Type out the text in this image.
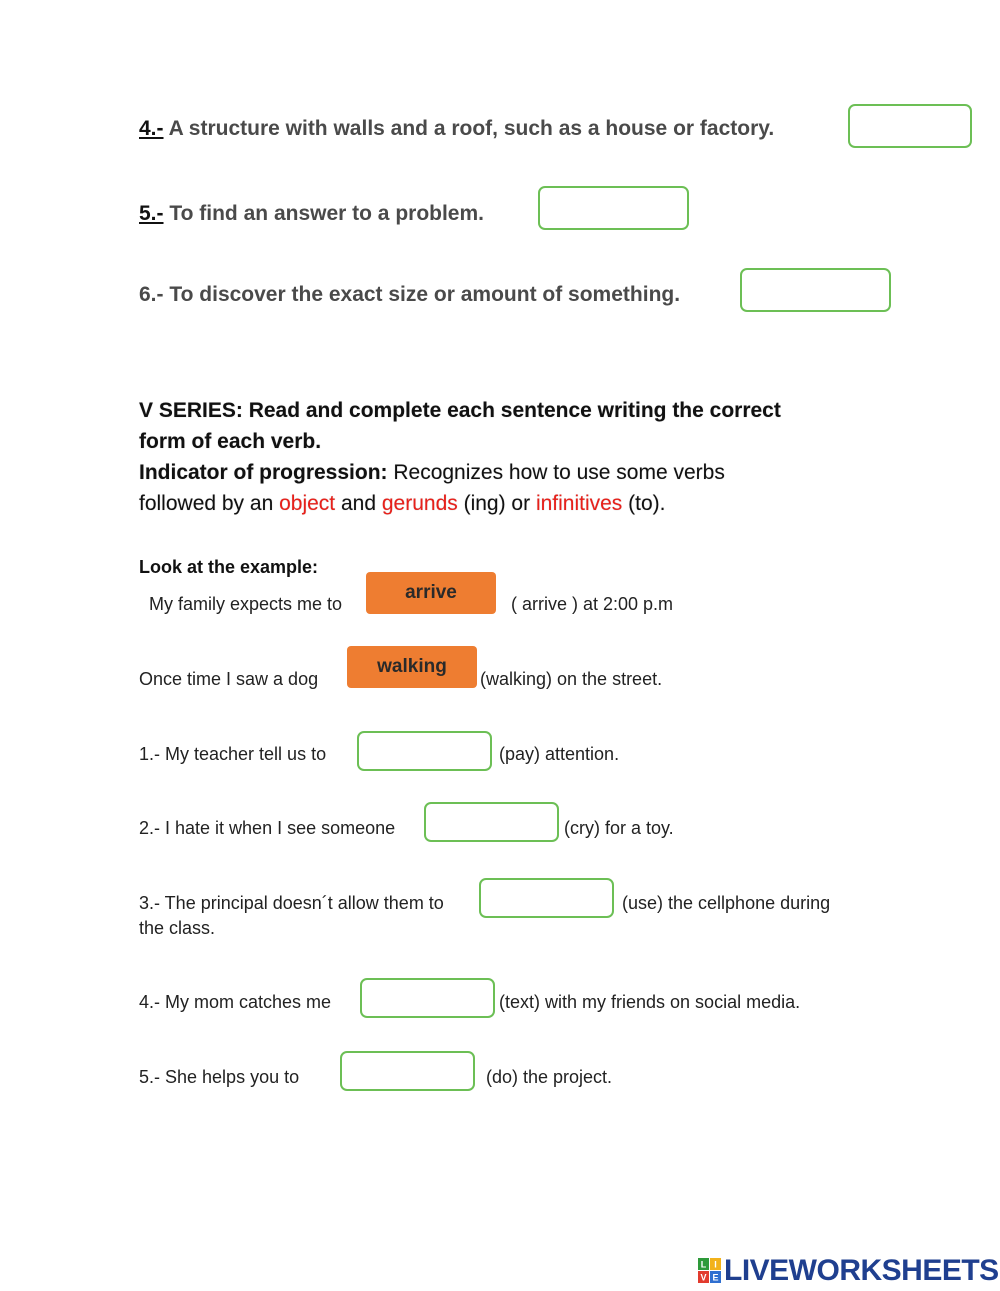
4.- A structure with walls and a roof, such as a house or factory.
5.- To find an answer to a problem.
6.- To discover the exact size or amount of something.
V SERIES: Read and complete each sentence writing the correct
form of each verb.
Indicator of progression: Recognizes how to use some verbs
followed by an object and gerunds (ing) or infinitives (to).
Look at the example:
My family expects me to
arrive
( arrive ) at 2:00 p.m
Once time I saw a dog
walking
(walking) on the street.
1.- My teacher tell us to	(pay) attention.
2.- I hate it when I see someone	(cry) for a toy.
3.- The principal doesn´t allow them to	(use) the cellphone during
the class.
4.- My mom catches me	(text) with my friends on social media.
5.- She helps you to	(do) the project.
L I
V E LIVEWORKSHEETS
